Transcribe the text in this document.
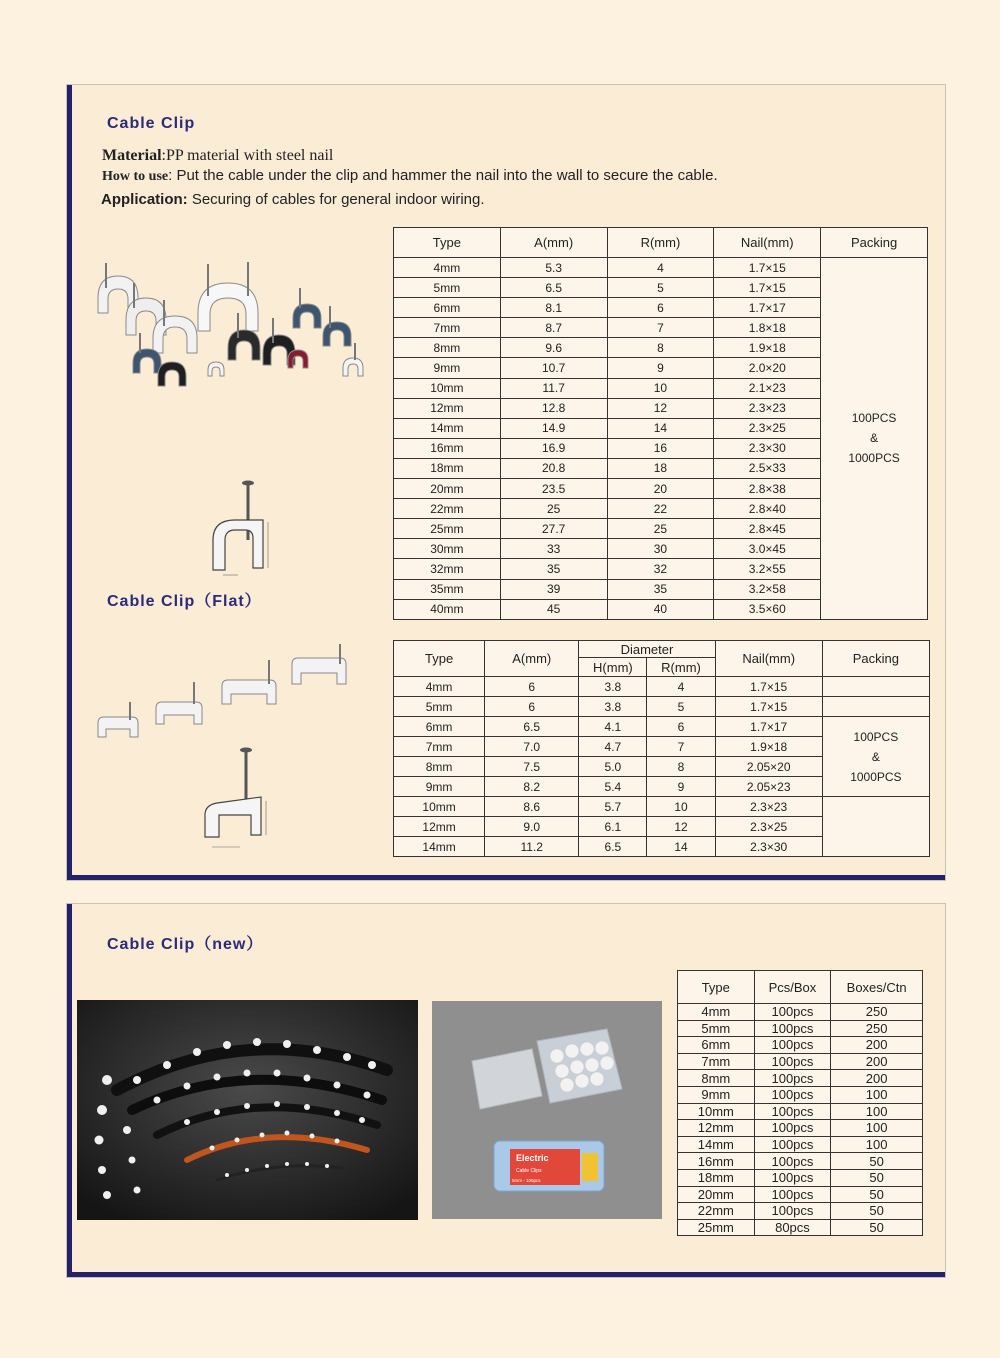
Cable Clip
Material:PP material with steel nail
How to use: Put the cable under the clip and hammer the nail into the wall to secure the cable.
Application: Securing of cables for general indoor wiring.
Cable Clip（Flat）
Type	A(mm)	R(mm)	Nail(mm)	Packing
4mm	5.3	4	1.7×15	100PCS
&
1000PCS

5mm	6.5	5	1.7×15	
6mm	8.1	6	1.7×17	
7mm	8.7	7	1.8×18	
8mm	9.6	8	1.9×18	
9mm	10.7	9	2.0×20	
10mm	11.7	10	2.1×23	
12mm	12.8	12	2.3×23	
14mm	14.9	14	2.3×25	
16mm	16.9	16	2.3×30	
18mm	20.8	18	2.5×33	
20mm	23.5	20	2.8×38	
22mm	25	22	2.8×40	
25mm	27.7	25	2.8×45	
30mm	33	30	3.0×45	
32mm	35	32	3.2×55	
35mm	39	35	3.2×58	
40mm	45	40	3.5×60	
Type	A(mm)	Diameter		Nail(mm)	Packing
		H(mm)	R(mm)		
4mm	6	3.8	4	1.7×15	
5mm	6	3.8	5	1.7×15	
6mm	6.5	4.1	6	1.7×17	100PCS
&
1000PCS

7mm	7.0	4.7	7	1.9×18	
8mm	7.5	5.0	8	2.05×20	
9mm	8.2	5.4	9	2.05×23	
10mm	8.6	5.7	10	2.3×23	
12mm	9.0	6.1	12	2.3×25	
14mm	11.2	6.5	14	2.3×30	
Cable Clip（new）
Electric
Cable Clips
5mm - 100pcs
Type	Pcs/Box	Boxes/Ctn
4mm	100pcs	250
5mm	100pcs	250
6mm	100pcs	200
7mm	100pcs	200
8mm	100pcs	200
9mm	100pcs	100
10mm	100pcs	100
12mm	100pcs	100
14mm	100pcs	100
16mm	100pcs	50
18mm	100pcs	50
20mm	100pcs	50
22mm	100pcs	50
25mm	80pcs	50
